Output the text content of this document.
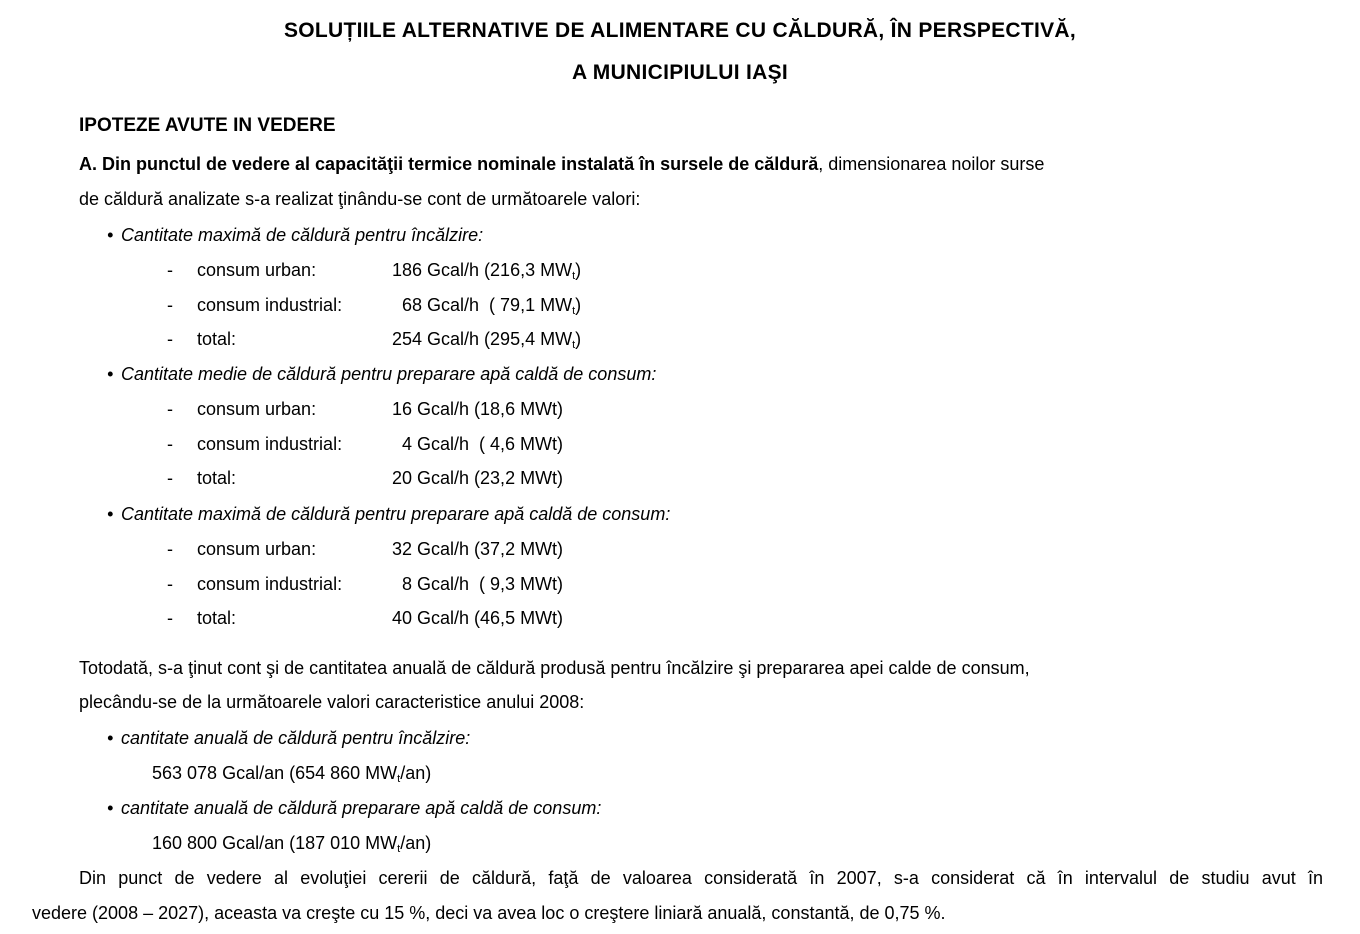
SOLUȚIILE ALTERNATIVE DE ALIMENTARE CU CĂLDURĂ, ÎN PERSPECTIVĂ,
A MUNICIPIULUI IAŞI
IPOTEZE AVUTE IN VEDERE
A. Din punctul de vedere al capacităţii termice nominale instalată în sursele de căldură, dimensionarea noilor surse
de căldură analizate s-a realizat ţinându-se cont de următoarele valori:
• Cantitate maximă de căldură pentru încălzire:
- consum urban:	186 Gcal/h (216,3 $MW_t$)
- consum industrial:	68 Gcal/h  ( 79,1 $MW_t$)
- total:	254 Gcal/h (295,4 $MW_t$)
• Cantitate medie de căldură pentru preparare apă caldă de consum:
- consum urban:	16 Gcal/h (18,6 MWt)
- consum industrial:	4 Gcal/h  ( 4,6 MWt)
- total:	20 Gcal/h (23,2 MWt)
• Cantitate maximă de căldură pentru preparare apă caldă de consum:
- consum urban:	32 Gcal/h (37,2 MWt)
- consum industrial:	8 Gcal/h  ( 9,3 MWt)
- total:	40 Gcal/h (46,5 MWt)
Totodată, s-a ţinut cont şi de cantitatea anuală de căldură produsă pentru încălzire şi prepararea apei calde de consum,
plecându-se de la următoarele valori caracteristice anului 2008:
• cantitate anuală de căldură pentru încălzire:
563 078 Gcal/an (654 860 $MW_t/an$)
• cantitate anuală de căldură preparare apă caldă de consum:
160 800 Gcal/an (187 010 $MW_t/an$)
Din punct de vedere al evoluţiei cererii de căldură, faţă de valoarea considerată în 2007, s-a considerat că în intervalul de studiu avut în
vedere (2008 – 2027), aceasta va creşte cu 15 %, deci va avea loc o creştere liniară anuală, constantă, de 0,75 %.
